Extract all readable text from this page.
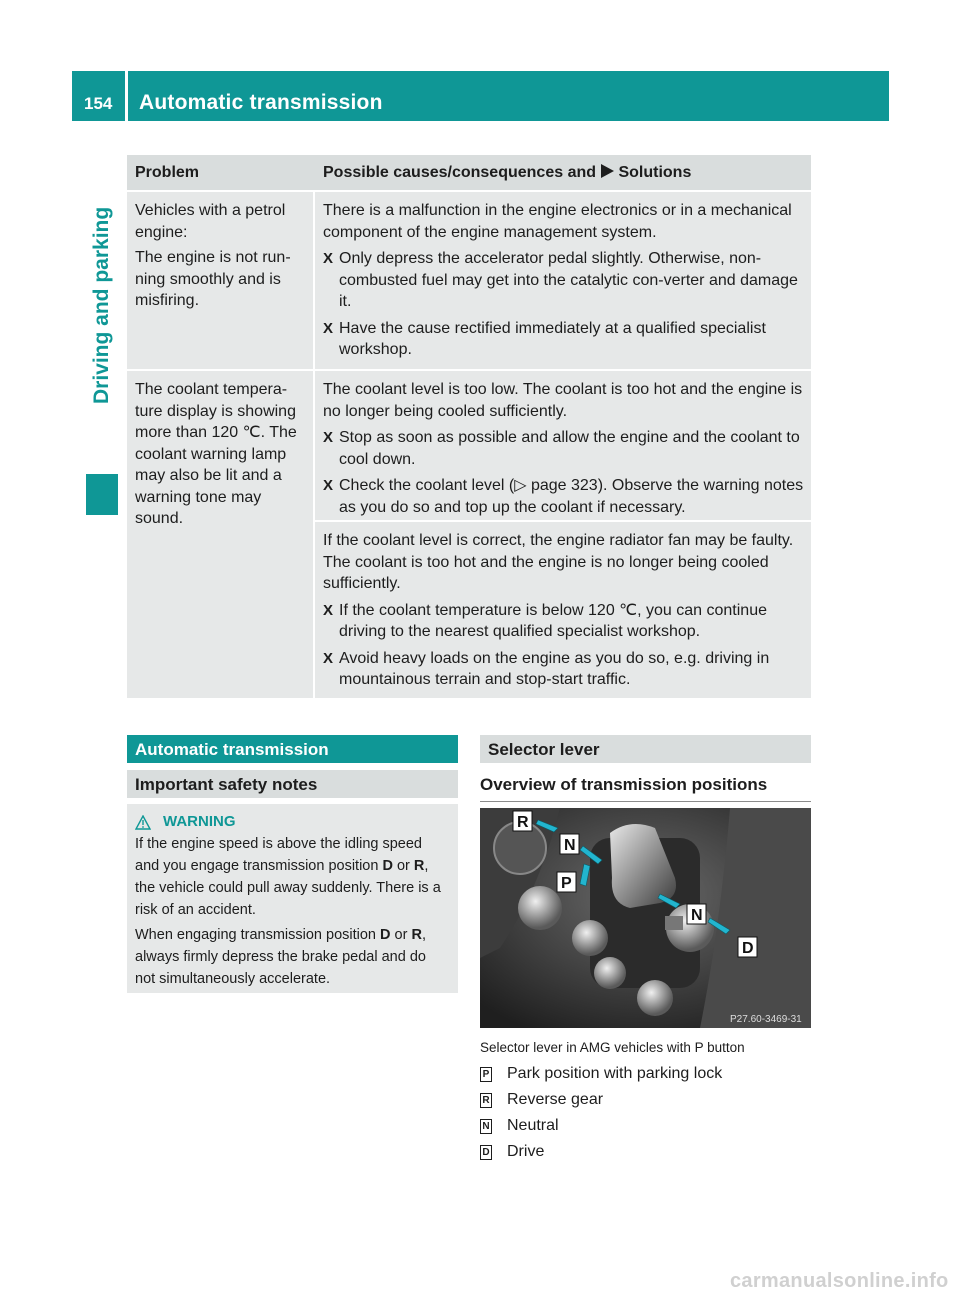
154 Automatic transmission
Driving and parking
Problem	Possible causes/consequences and Solutions

Vehicles with a petrol engine:

The engine is not run-ning smoothly and is misfiring.

There is a malfunction in the engine electronics or in a mechanical component of the engine management system.

X Only depress the accelerator pedal slightly. Otherwise, non-combusted fuel may get into the catalytic con-verter and damage it.
X Have the cause rectified immediately at a qualified specialist workshop.

The coolant tempera-ture display is showing more than 120 ℃. The coolant warning lamp may also be lit and a warning tone may sound.

The coolant level is too low. The coolant is too hot and the engine is no longer being cooled sufficiently.

X Stop as soon as possible and allow the engine and the coolant to cool down.
X Check the coolant level (▷ page 323). Observe the warning notes as you do so and top up the coolant if necessary.

If the coolant level is correct, the engine radiator fan may be faulty. The coolant is too hot and the engine is no longer being cooled sufficiently.

X If the coolant temperature is below 120 ℃, you can continue driving to the nearest qualified specialist workshop.
X Avoid heavy loads on the engine as you do so, e.g. driving in mountainous terrain and stop-start traffic.
Automatic transmission
Important safety notes
WARNING

If the engine speed is above the idling speed and you engage transmission position D or R, the vehicle could pull away suddenly. There is a risk of an accident.

When engaging transmission position D or R, always firmly depress the brake pedal and do not simultaneously accelerate.

Selector lever
Overview of transmission positions
R
N
P
N
D
P27.60-3469-31
Selector lever in AMG vehicles with P button
P Park position with parking lock
R Reverse gear
N Neutral
D Drive
carmanualsonline.info
